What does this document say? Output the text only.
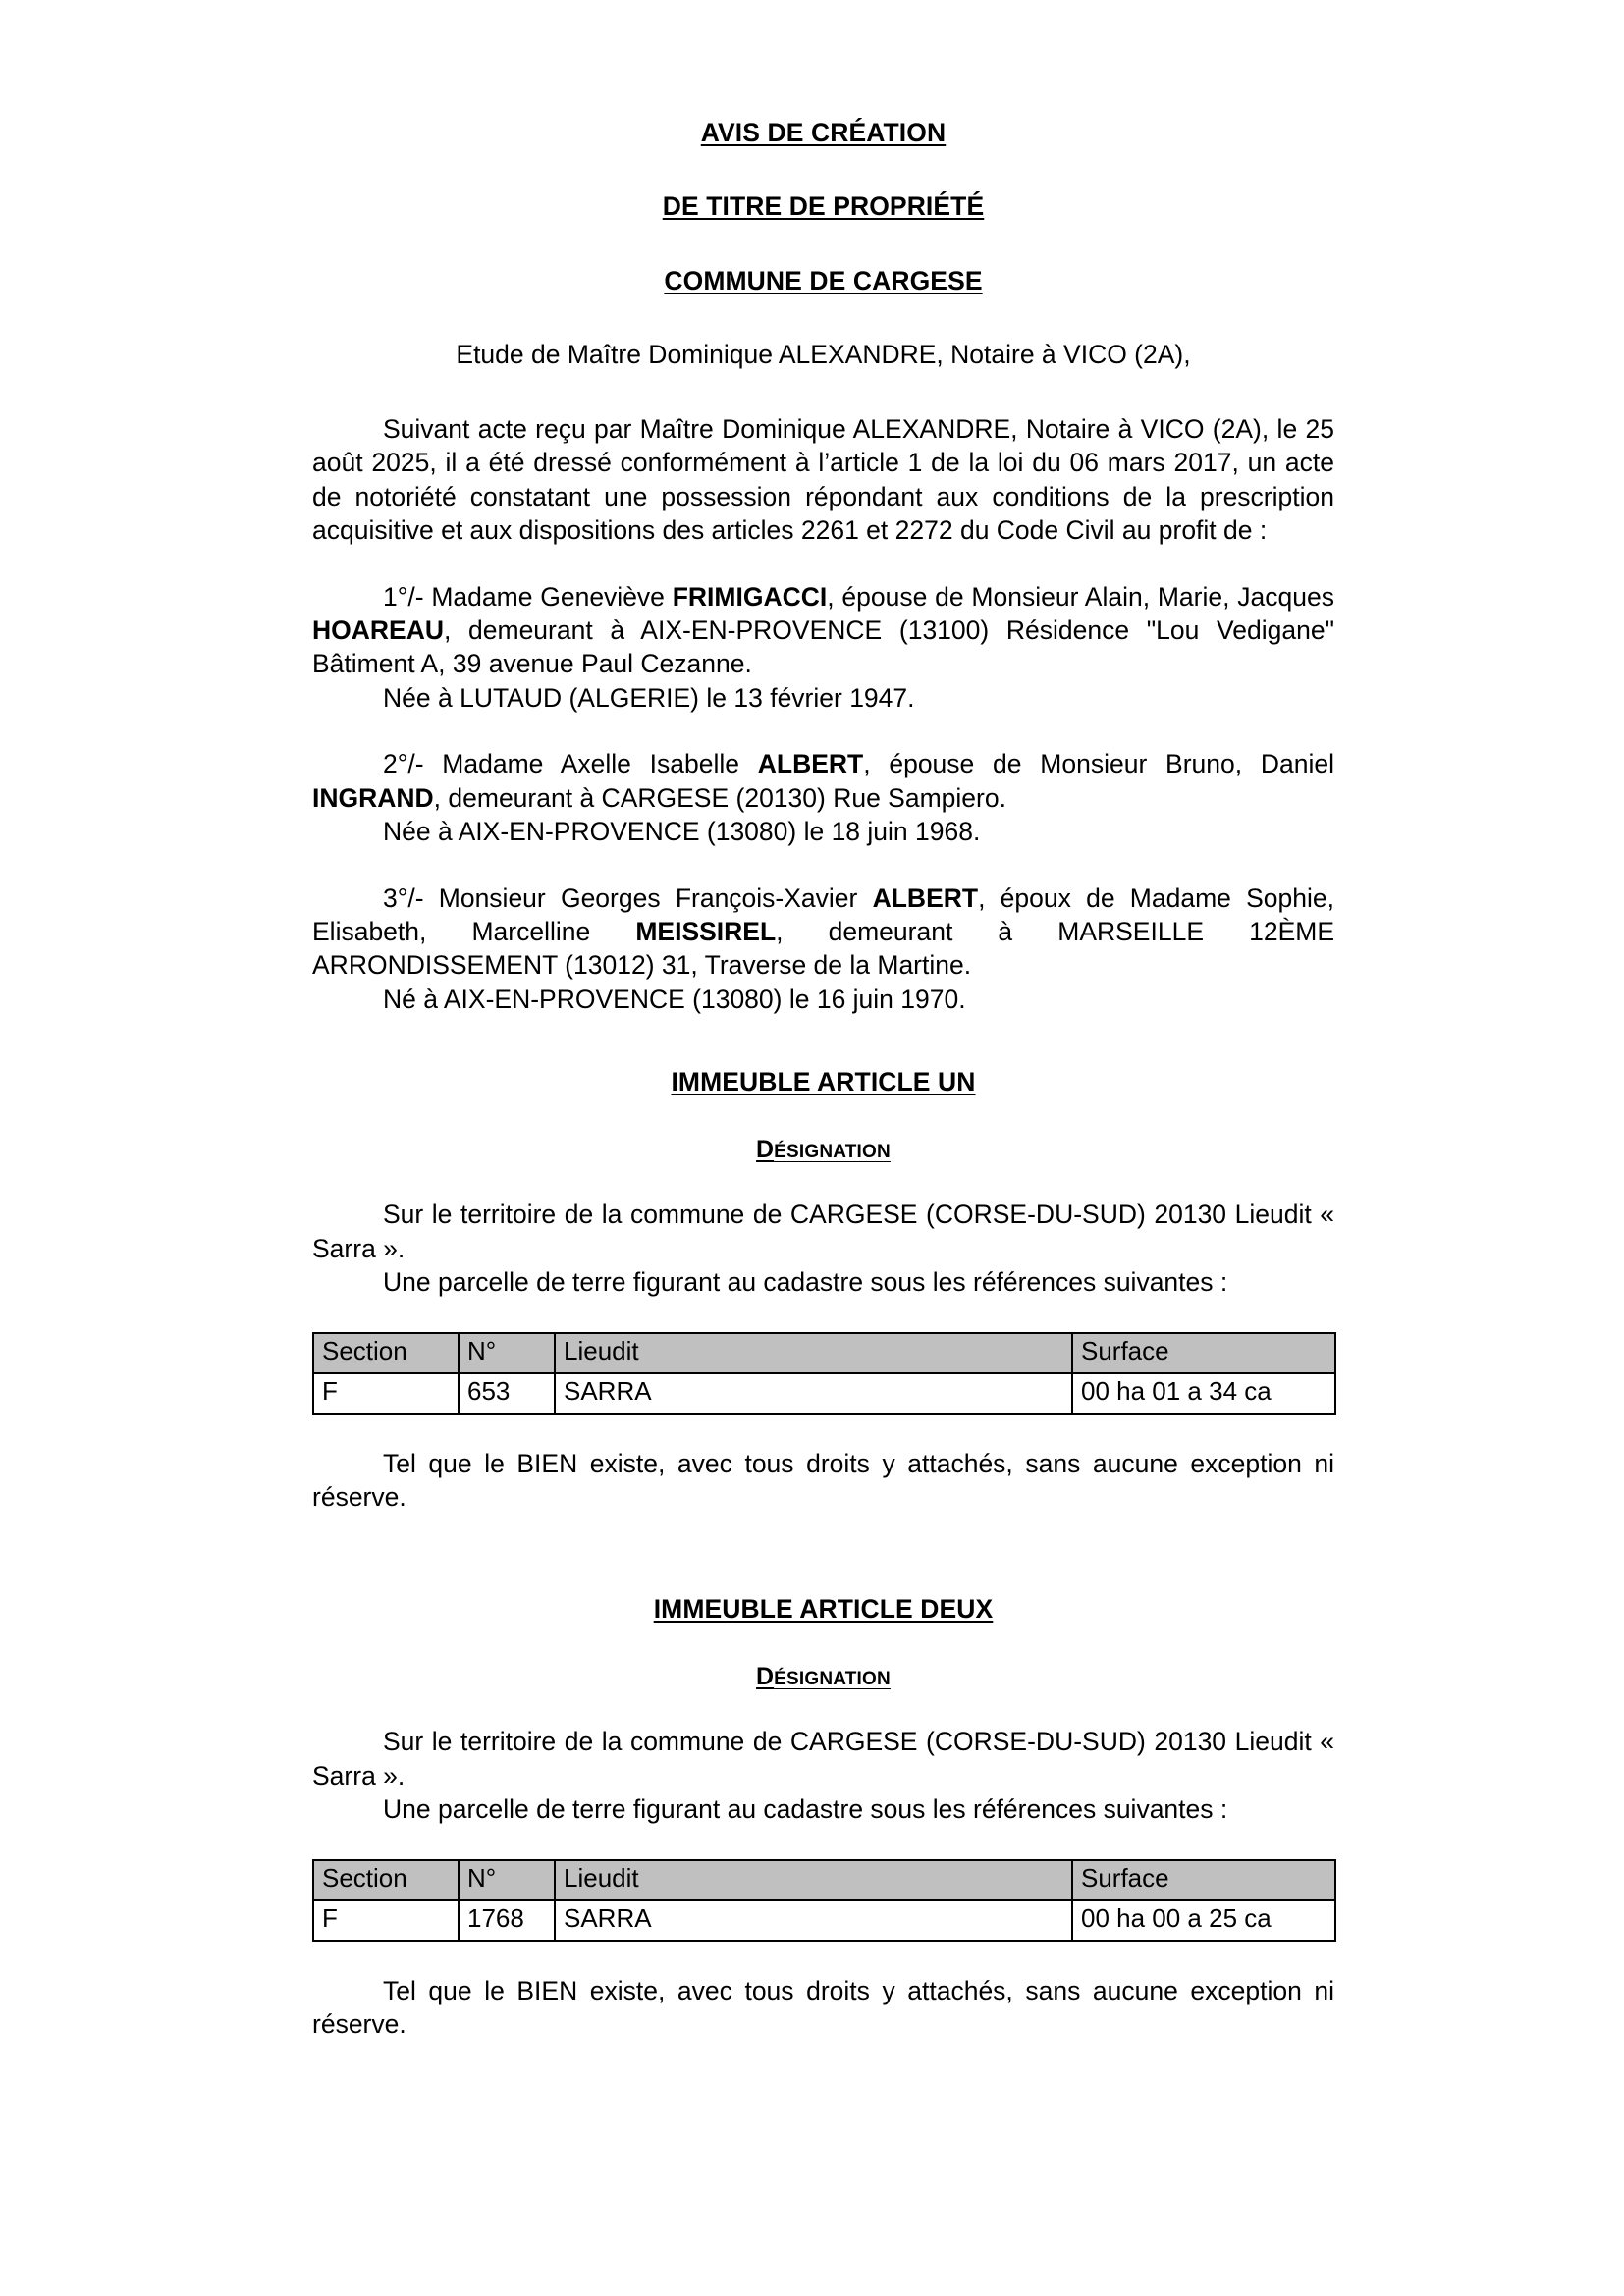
AVIS DE CRÉATION
DE TITRE DE PROPRIÉTÉ
COMMUNE DE CARGESE
Etude de Maître Dominique ALEXANDRE, Notaire à VICO (2A),

Suivant acte reçu par Maître Dominique ALEXANDRE, Notaire à VICO (2A), le 25 août 2025, il a été dressé conformément à l’article 1 de la loi du 06 mars 2017, un acte de notoriété constatant une possession répondant aux conditions de la prescription acquisitive et aux dispositions des articles 2261 et 2272 du Code Civil au profit de :

1°/- Madame Geneviève FRIMIGACCI, épouse de Monsieur Alain, Marie, Jacques HOAREAU, demeurant à AIX-EN-PROVENCE (13100) Résidence "Lou Vedigane" Bâtiment A, 39 avenue Paul Cezanne.

Née à LUTAUD (ALGERIE) le 13 février 1947.

2°/- Madame Axelle Isabelle ALBERT, épouse de Monsieur Bruno, Daniel INGRAND, demeurant à CARGESE (20130) Rue Sampiero.

Née à AIX-EN-PROVENCE (13080) le 18 juin 1968.

3°/- Monsieur Georges François-Xavier ALBERT, époux de Madame Sophie, Elisabeth, Marcelline MEISSIREL, demeurant à MARSEILLE 12ÈME ARRONDISSEMENT (13012) 31, Traverse de la Martine.

Né à AIX-EN-PROVENCE (13080) le 16 juin 1970.

IMMEUBLE ARTICLE UN
DÉSIGNATION

Sur le territoire de la commune de CARGESE (CORSE-DU-SUD) 20130 Lieudit « Sarra ».

Une parcelle de terre figurant au cadastre sous les références suivantes :

Section	N°	Lieudit	Surface
F	653	SARRA	00 ha 01 a 34 ca

Tel que le BIEN existe, avec tous droits y attachés, sans aucune exception ni réserve.

IMMEUBLE ARTICLE DEUX
DÉSIGNATION

Sur le territoire de la commune de CARGESE (CORSE-DU-SUD) 20130 Lieudit « Sarra ».

Une parcelle de terre figurant au cadastre sous les références suivantes :

Section	N°	Lieudit	Surface
F	1768	SARRA	00 ha 00 a 25 ca

Tel que le BIEN existe, avec tous droits y attachés, sans aucune exception ni réserve.
